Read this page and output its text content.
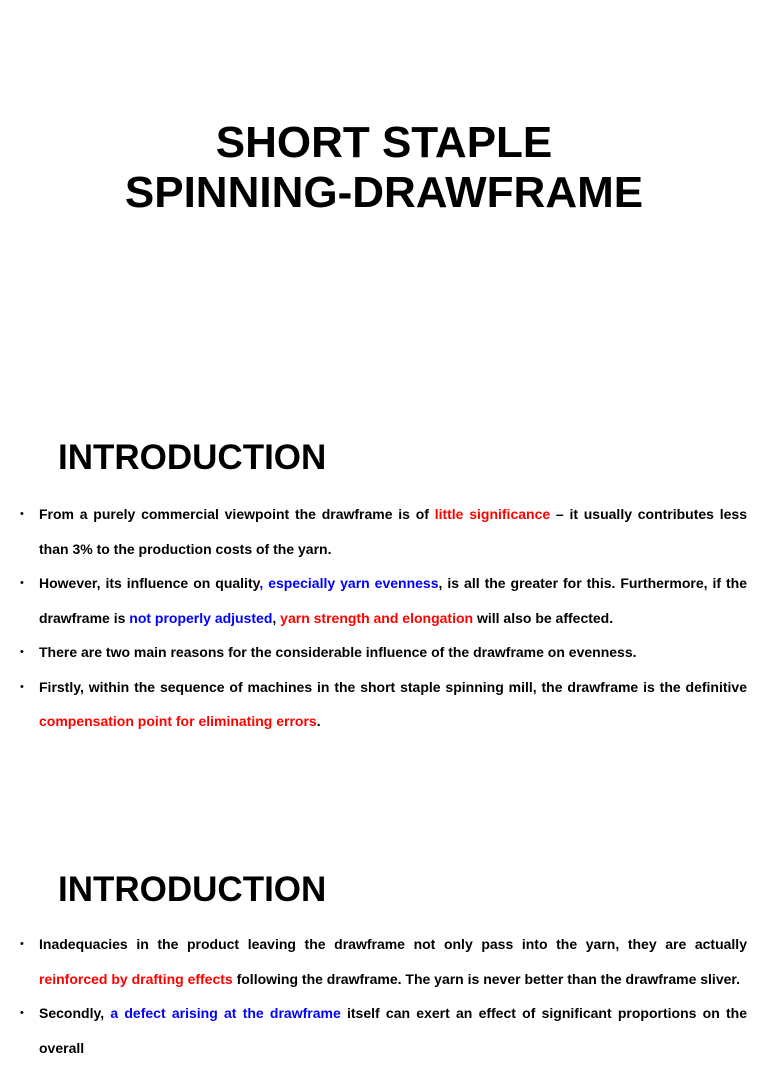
SHORT STAPLE
SPINNING-DRAWFRAME
INTRODUCTION
• From a purely commercial viewpoint the drawframe is of little significance – it usually contributes less than 3% to the production costs of the yarn.
• However, its influence on quality, especially yarn evenness, is all the greater for this. Furthermore, if the drawframe is not properly adjusted, yarn strength and elongation will also be affected.
• There are two main reasons for the considerable influence of the drawframe on evenness.
• Firstly, within the sequence of machines in the short staple spinning mill, the drawframe is the definitive compensation point for eliminating errors.
INTRODUCTION
• Inadequacies in the product leaving the drawframe not only pass into the yarn, they are actually reinforced by drafting effects following the drawframe. The yarn is never better than the drawframe sliver.
• Secondly, a defect arising at the drawframe itself can exert an effect of significant proportions on the overall
